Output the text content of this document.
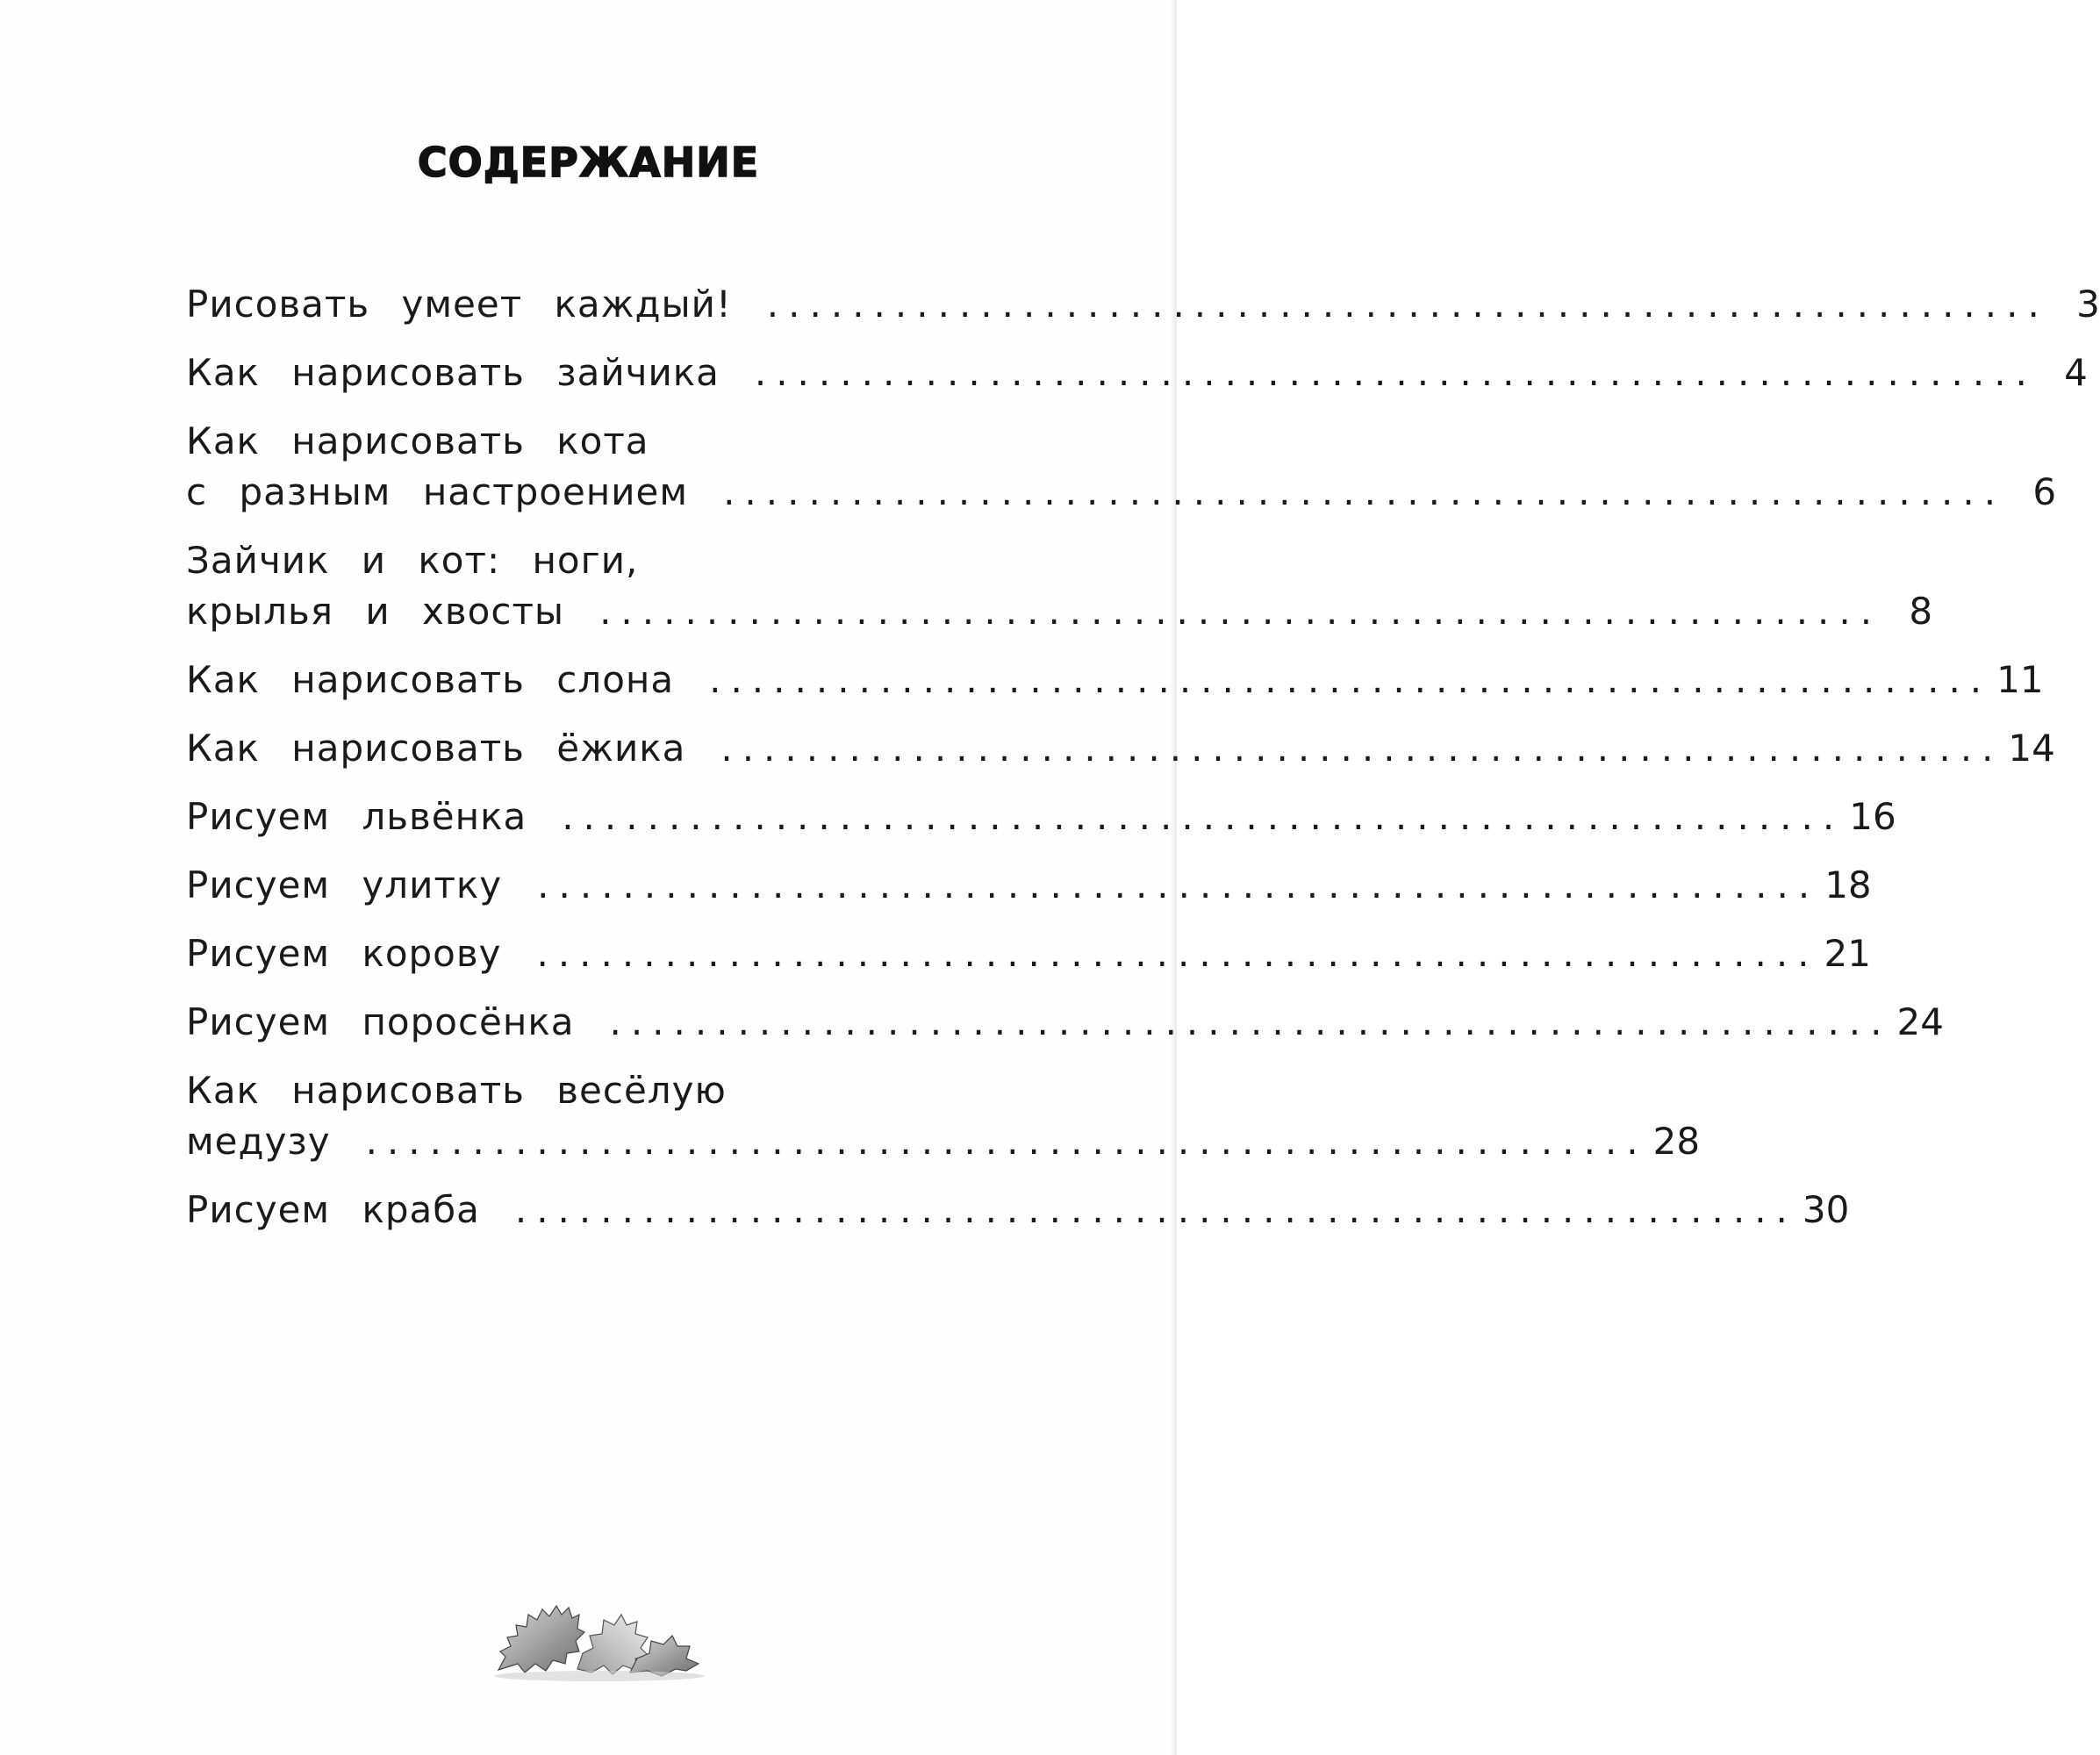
СОДЕРЖАНИЕ
Рисовать умеет каждый! ............................................................ 3
Как нарисовать зайчика ............................................................ 4
Как нарисовать кота
с разным настроением ............................................................ 6
Зайчик и кот: ноги,
крылья и хвосты ............................................................ 8
Как нарисовать слона ............................................................ 11
Как нарисовать ёжика ............................................................ 14
Рисуем львёнка ............................................................ 16
Рисуем улитку ............................................................ 18
Рисуем корову ............................................................ 21
Рисуем поросёнка ............................................................ 24
Как нарисовать весёлую
медузу ............................................................ 28
Рисуем краба ............................................................ 30
